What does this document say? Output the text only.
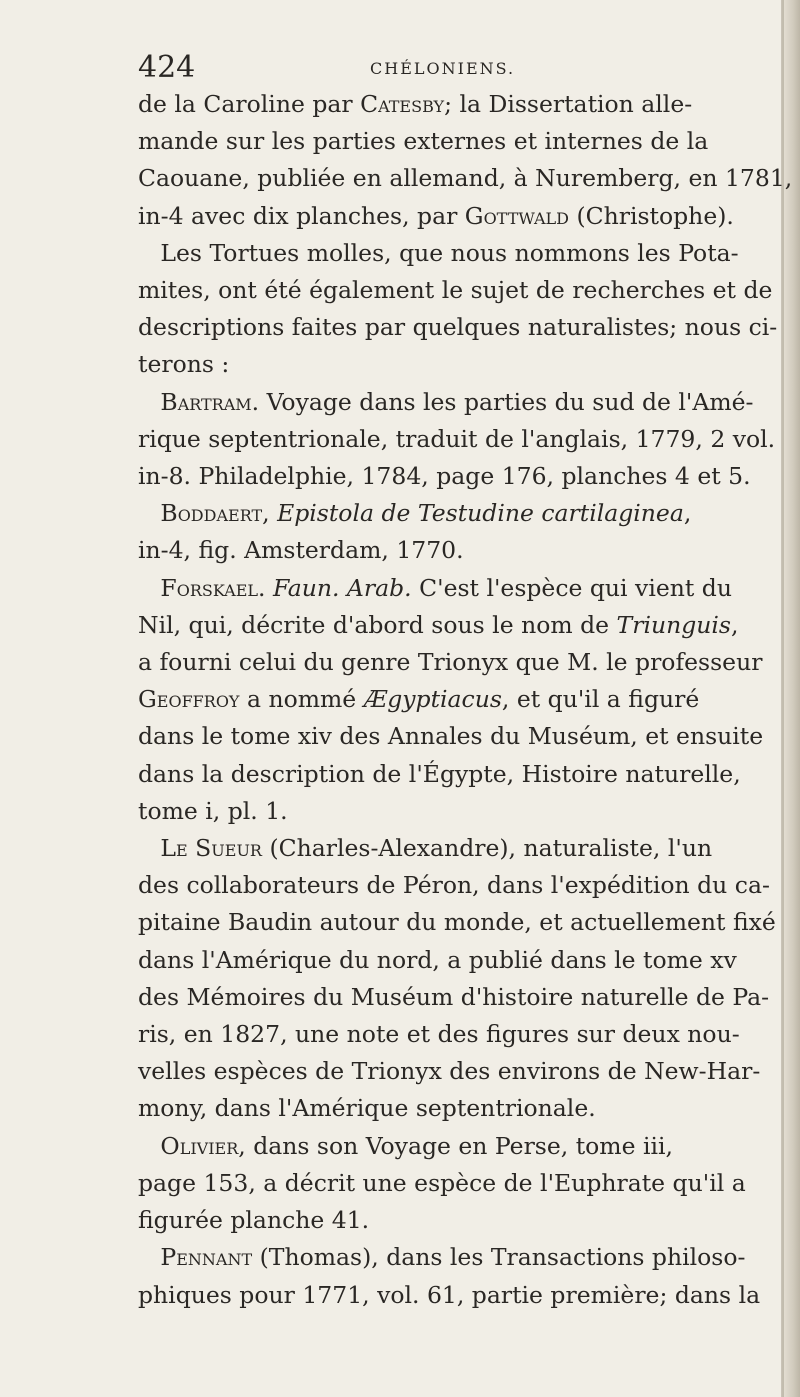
424	CHÉLONIENS.
de la Caroline par Catesby; la Dissertation alle-
mande sur les parties externes et internes de la
Caouane, publiée en allemand, à Nuremberg, en 1781,
in-4 avec dix planches, par Gottwald (Christophe).
Les Tortues molles, que nous nommons les Pota-
mites, ont été également le sujet de recherches et de
descriptions faites par quelques naturalistes; nous ci-
terons :
Bartram. Voyage dans les parties du sud de l'Amé-
rique septentrionale, traduit de l'anglais, 1779, 2 vol.
in-8. Philadelphie, 1784, page 176, planches 4 et 5.
Boddaert, Epistola de Testudine cartilaginea,
in-4, fig. Amsterdam, 1770.
Forskael. Faun. Arab. C'est l'espèce qui vient du
Nil, qui, décrite d'abord sous le nom de Triunguis,
a fourni celui du genre Trionyx que M. le professeur
Geoffroy a nommé Ægyptiacus, et qu'il a figuré
dans le tome xiv des Annales du Muséum, et ensuite
dans la description de l'Égypte, Histoire naturelle,
tome i, pl. 1.
Le Sueur (Charles-Alexandre), naturaliste, l'un
des collaborateurs de Péron, dans l'expédition du ca-
pitaine Baudin autour du monde, et actuellement fixé
dans l'Amérique du nord, a publié dans le tome xv
des Mémoires du Muséum d'histoire naturelle de Pa-
ris, en 1827, une note et des figures sur deux nou-
velles espèces de Trionyx des environs de New-Har-
mony, dans l'Amérique septentrionale.
Olivier, dans son Voyage en Perse, tome iii,
page 153, a décrit une espèce de l'Euphrate qu'il a
figurée planche 41.
Pennant (Thomas), dans les Transactions philoso-
phiques pour 1771, vol. 61, partie première; dans la
